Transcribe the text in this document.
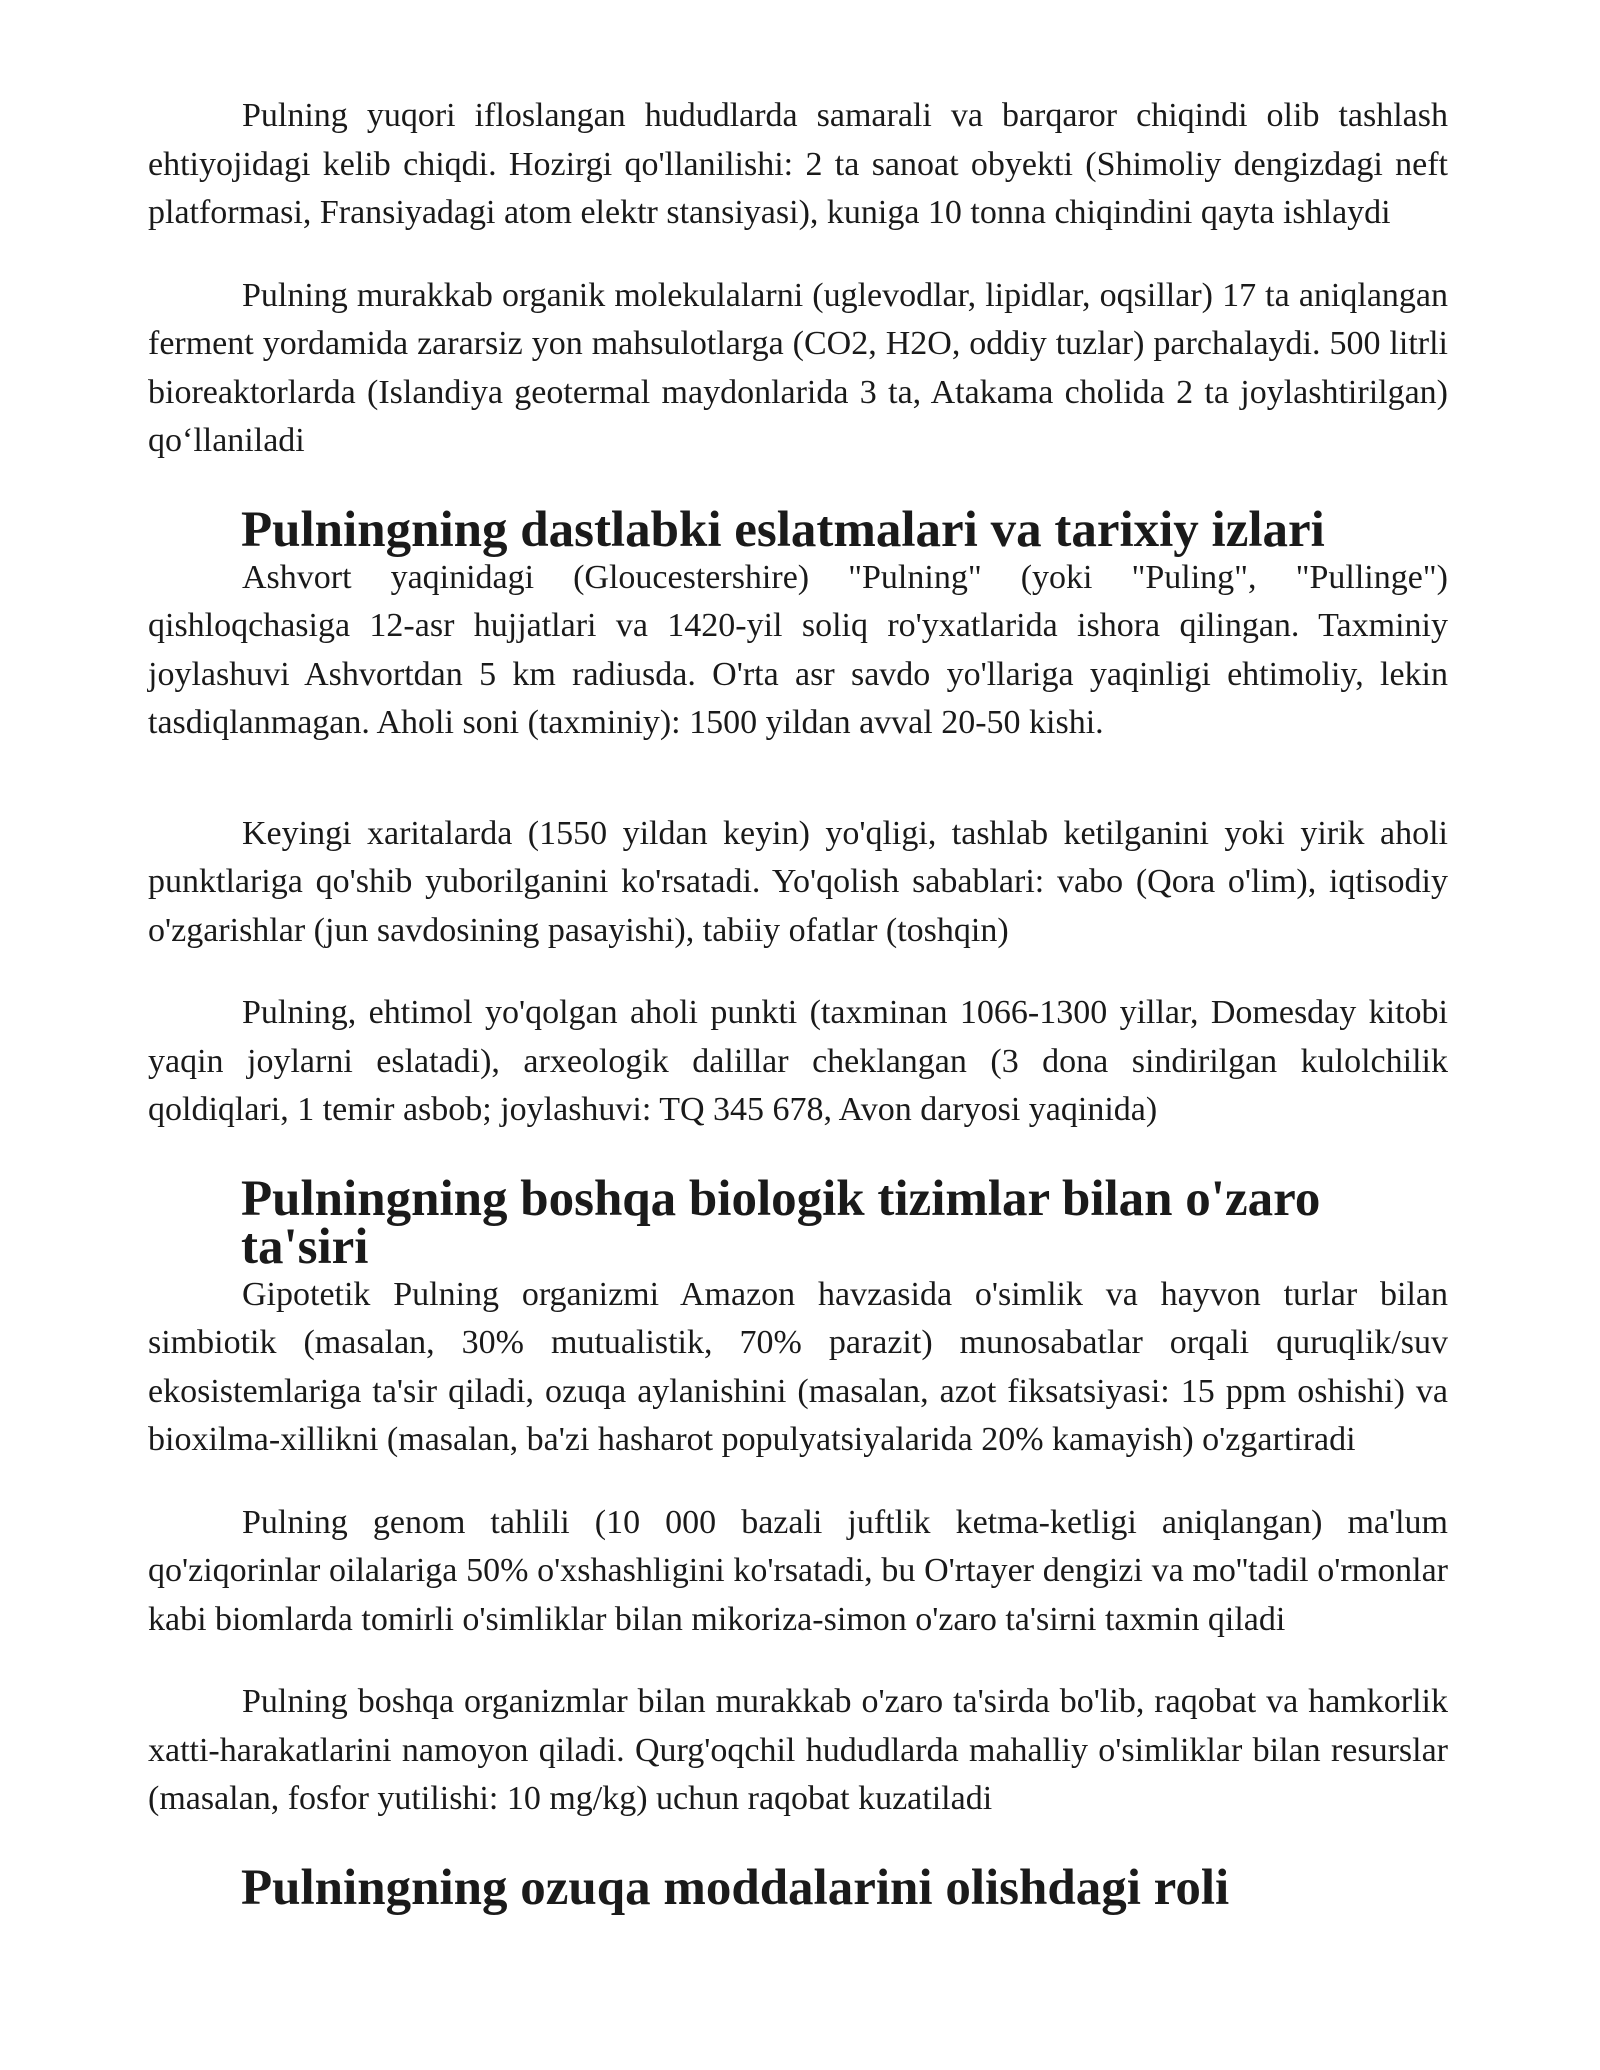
Pulning yuqori ifloslangan hududlarda samarali va barqaror chiqindi olib tashlash ehtiyojidagi kelib chiqdi. Hozirgi qo'llanilishi: 2 ta sanoat obyekti (Shimoliy dengizdagi neft platformasi, Fransiyadagi atom elektr stansiyasi), kuniga 10 tonna chiqindini qayta ishlaydi

Pulning murakkab organik molekulalarni (uglevodlar, lipidlar, oqsillar) 17 ta aniqlangan ferment yordamida zararsiz yon mahsulotlarga (CO2, H2O, oddiy tuzlar) parchalaydi. 500 litrli bioreaktorlarda (Islandiya geotermal maydonlarida 3 ta, Atakama cholida 2 ta joylashtirilgan) qo‘llaniladi

Pulningning dastlabki eslatmalari va tarixiy izlari

Ashvort yaqinidagi (Gloucestershire) "Pulning" (yoki "Puling", "Pullinge") qishloqchasiga 12-asr hujjatlari va 1420-yil soliq ro'yxatlarida ishora qilingan. Taxminiy joylashuvi Ashvortdan 5 km radiusda. O'rta asr savdo yo'llariga yaqinligi ehtimoliy, lekin tasdiqlanmagan. Aholi soni (taxminiy): 1500 yildan avval 20-50 kishi.

Keyingi xaritalarda (1550 yildan keyin) yo'qligi, tashlab ketilganini yoki yirik aholi punktlariga qo'shib yuborilganini ko'rsatadi. Yo'qolish sabablari: vabo (Qora o'lim), iqtisodiy o'zgarishlar (jun savdosining pasayishi), tabiiy ofatlar (toshqin)

Pulning, ehtimol yo'qolgan aholi punkti (taxminan 1066-1300 yillar, Domesday kitobi yaqin joylarni eslatadi), arxeologik dalillar cheklangan (3 dona sindirilgan kulolchilik qoldiqlari, 1 temir asbob; joylashuvi: TQ 345 678, Avon daryosi yaqinida)

Pulningning boshqa biologik tizimlar bilan o'zaro ta'siri

Gipotetik Pulning organizmi Amazon havzasida o'simlik va hayvon turlar bilan simbiotik (masalan, 30% mutualistik, 70% parazit) munosabatlar orqali quruqlik/suv ekosistemlariga ta'sir qiladi, ozuqa aylanishini (masalan, azot fiksatsiyasi: 15 ppm oshishi) va bioxilma-xillikni (masalan, ba'zi hasharot populyatsiyalarida 20% kamayish) o'zgartiradi

Pulning genom tahlili (10 000 bazali juftlik ketma-ketligi aniqlangan) ma'lum qo'ziqorinlar oilalariga 50% o'xshashligini ko'rsatadi, bu O'rtayer dengizi va mo''tadil o'rmonlar kabi biomlarda tomirli o'simliklar bilan mikoriza-simon o'zaro ta'sirni taxmin qiladi

Pulning boshqa organizmlar bilan murakkab o'zaro ta'sirda bo'lib, raqobat va hamkorlik xatti-harakatlarini namoyon qiladi. Qurg'oqchil hududlarda mahalliy o'simliklar bilan resurslar (masalan, fosfor yutilishi: 10 mg/kg) uchun raqobat kuzatiladi

Pulningning ozuqa moddalarini olishdagi roli
